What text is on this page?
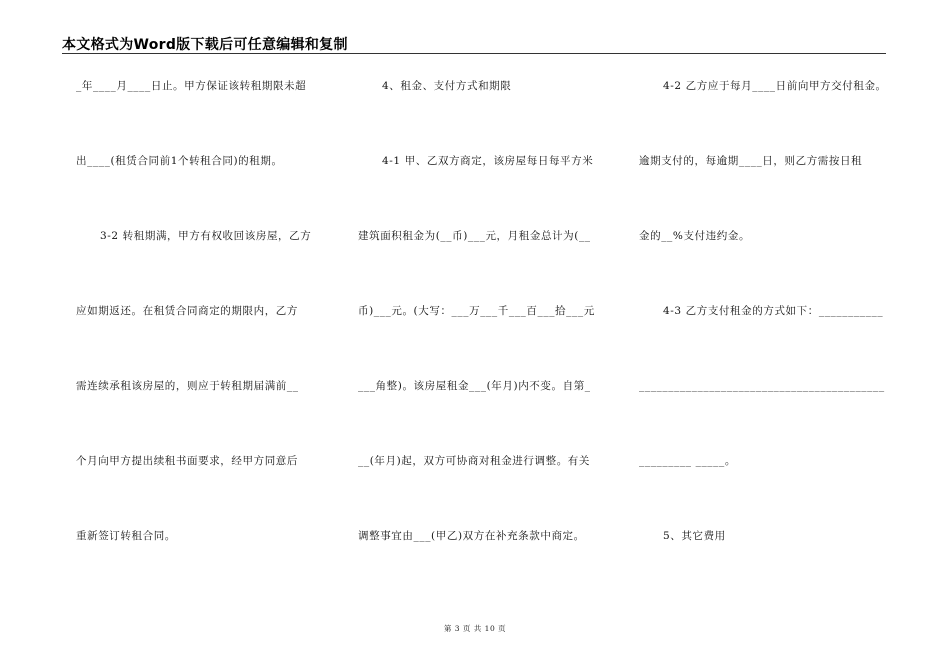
本文格式为Word版下载后可任意编辑和复制
_年____月____日止。甲方保证该转租期限未超
出____(租赁合同前1个转租合同)的租期。
3-2 转租期满，甲方有权收回该房屋，乙方
应如期返还。在租赁合同商定的期限内，乙方
需连续承租该房屋的，则应于转租期届满前__
个月向甲方提出续租书面要求，经甲方同意后
重新签订转租合同。
4、租金、支付方式和期限
4-1 甲、乙双方商定，该房屋每日每平方米
建筑面积租金为(__币)___元，月租金总计为(__
币)___元。(大写：___万___千___百___拾___元
___角整)。该房屋租金___(年月)内不变。自第_
__(年月)起，双方可协商对租金进行调整。有关
调整事宜由___(甲乙)双方在补充条款中商定。
4-2 乙方应于每月____日前向甲方交付租金。
逾期支付的，每逾期____日，则乙方需按日租
金的__%支付违约金。
4-3 乙方支付租金的方式如下：___________
__________________________________________
_________ _____。
5、其它费用
第 3 页 共 10 页
